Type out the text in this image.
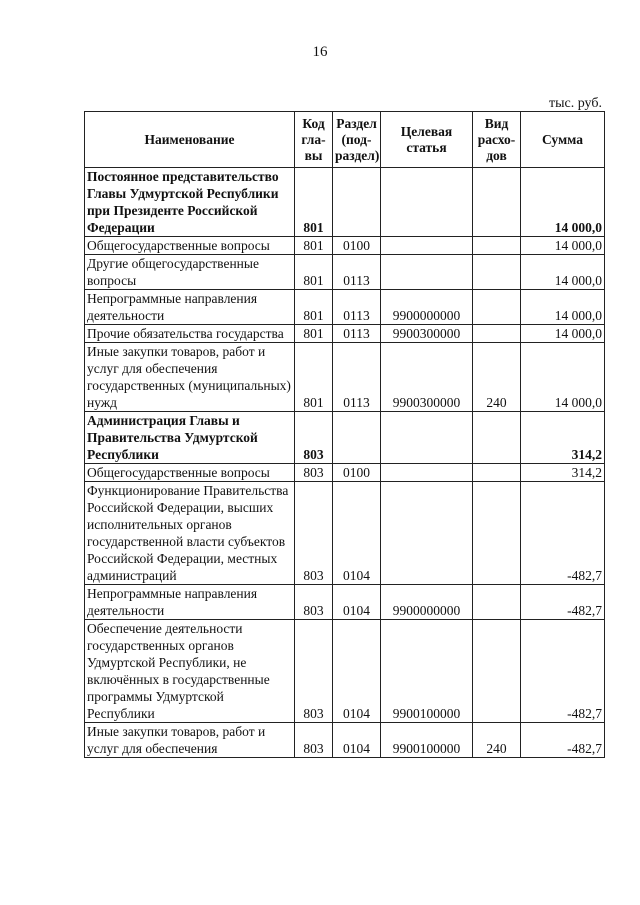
16
тыс. руб.
Наименование	Код гла-вы	Раздел (под-раздел)	Целевая статья	Вид расхо-дов	Сумма
Постоянное представительство Главы Удмуртской Республики при Президенте Российской Федерации	801				14 000,0
Общегосударственные вопросы	801	0100			14 000,0
Другие общегосударственные вопросы	801	0113			14 000,0
Непрограммные направления деятельности	801	0113	9900000000		14 000,0
Прочие обязательства государства	801	0113	9900300000		14 000,0
Иные закупки товаров, работ и услуг для обеспечения государственных (муниципальных) нужд	801	0113	9900300000	240	14 000,0
Администрация Главы и Правительства Удмуртской Республики	803				314,2
Общегосударственные вопросы	803	0100			314,2
Функционирование Правительства Российской Федерации, высших исполнительных органов государственной власти субъектов Российской Федерации, местных администраций	803	0104			-482,7
Непрограммные направления деятельности	803	0104	9900000000		-482,7
Обеспечение деятельности государственных органов Удмуртской Республики, не включённых в государственные программы Удмуртской Республики	803	0104	9900100000		-482,7
Иные закупки товаров, работ и услуг для обеспечения	803	0104	9900100000	240	-482,7
